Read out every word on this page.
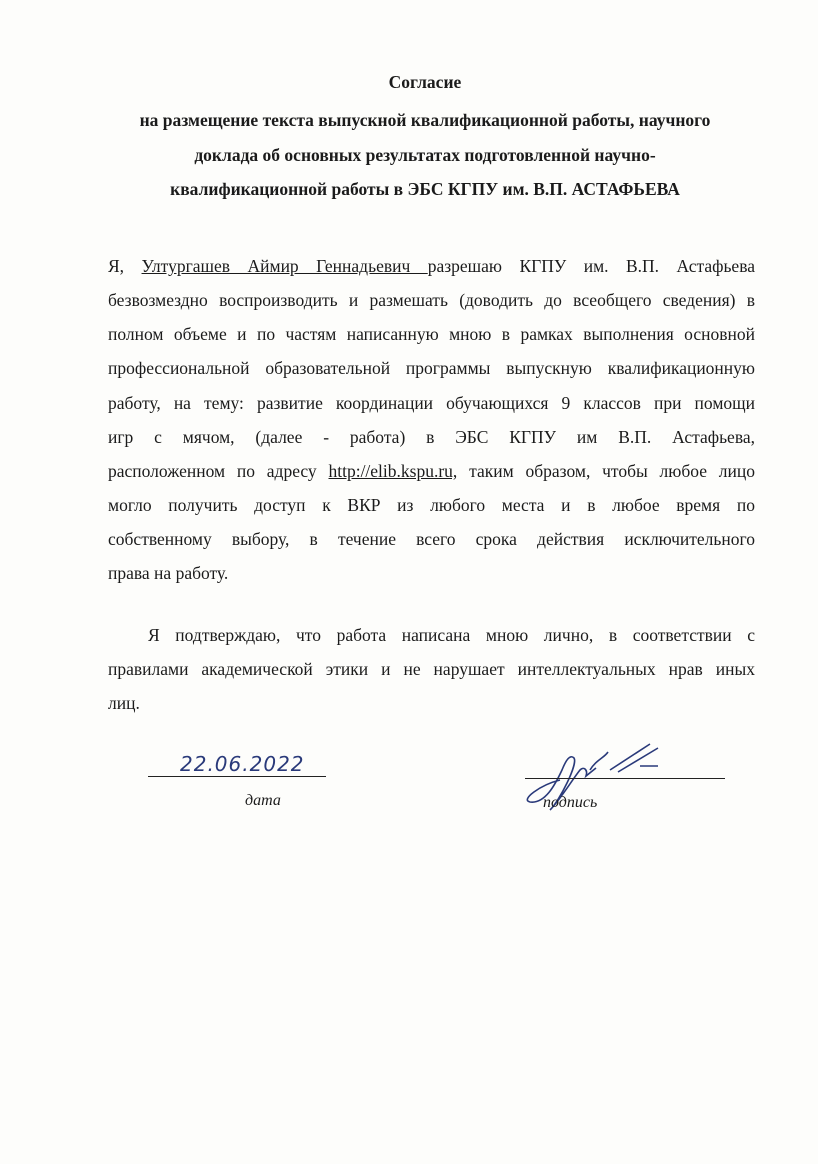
Согласие
на размещение текста выпускной квалификационной работы, научного
доклада об основных результатах подготовленной научно-
квалификационной работы в ЭБС КГПУ им. В.П. АСТАФЬЕВА
Я, Ултургашев Аймир Геннадьевич разрешаю КГПУ им. В.П. Астафьева
безвозмездно воспроизводить и размешать (доводить до всеобщего сведения) в
полном объеме и по частям написанную мною в рамках выполнения основной
профессиональной образовательной программы выпускную квалификационную
работу, на тему: развитие координации обучающихся 9 классов при помощи
игр с мячом, (далее - работа) в ЭБС КГПУ им В.П. Астафьева,
расположенном по адресу http://elib.kspu.ru, таким образом, чтобы любое лицо
могло получить доступ к ВКР из любого места и в любое время по
собственному выбору, в течение всего срока действия исключительного
права на работу.
Я подтверждаю, что работа написана мною лично, в соответствии с
правилами академической этики и не нарушает интеллектуальных нрав иных
лиц.
22.06.2022
дата	подпись
